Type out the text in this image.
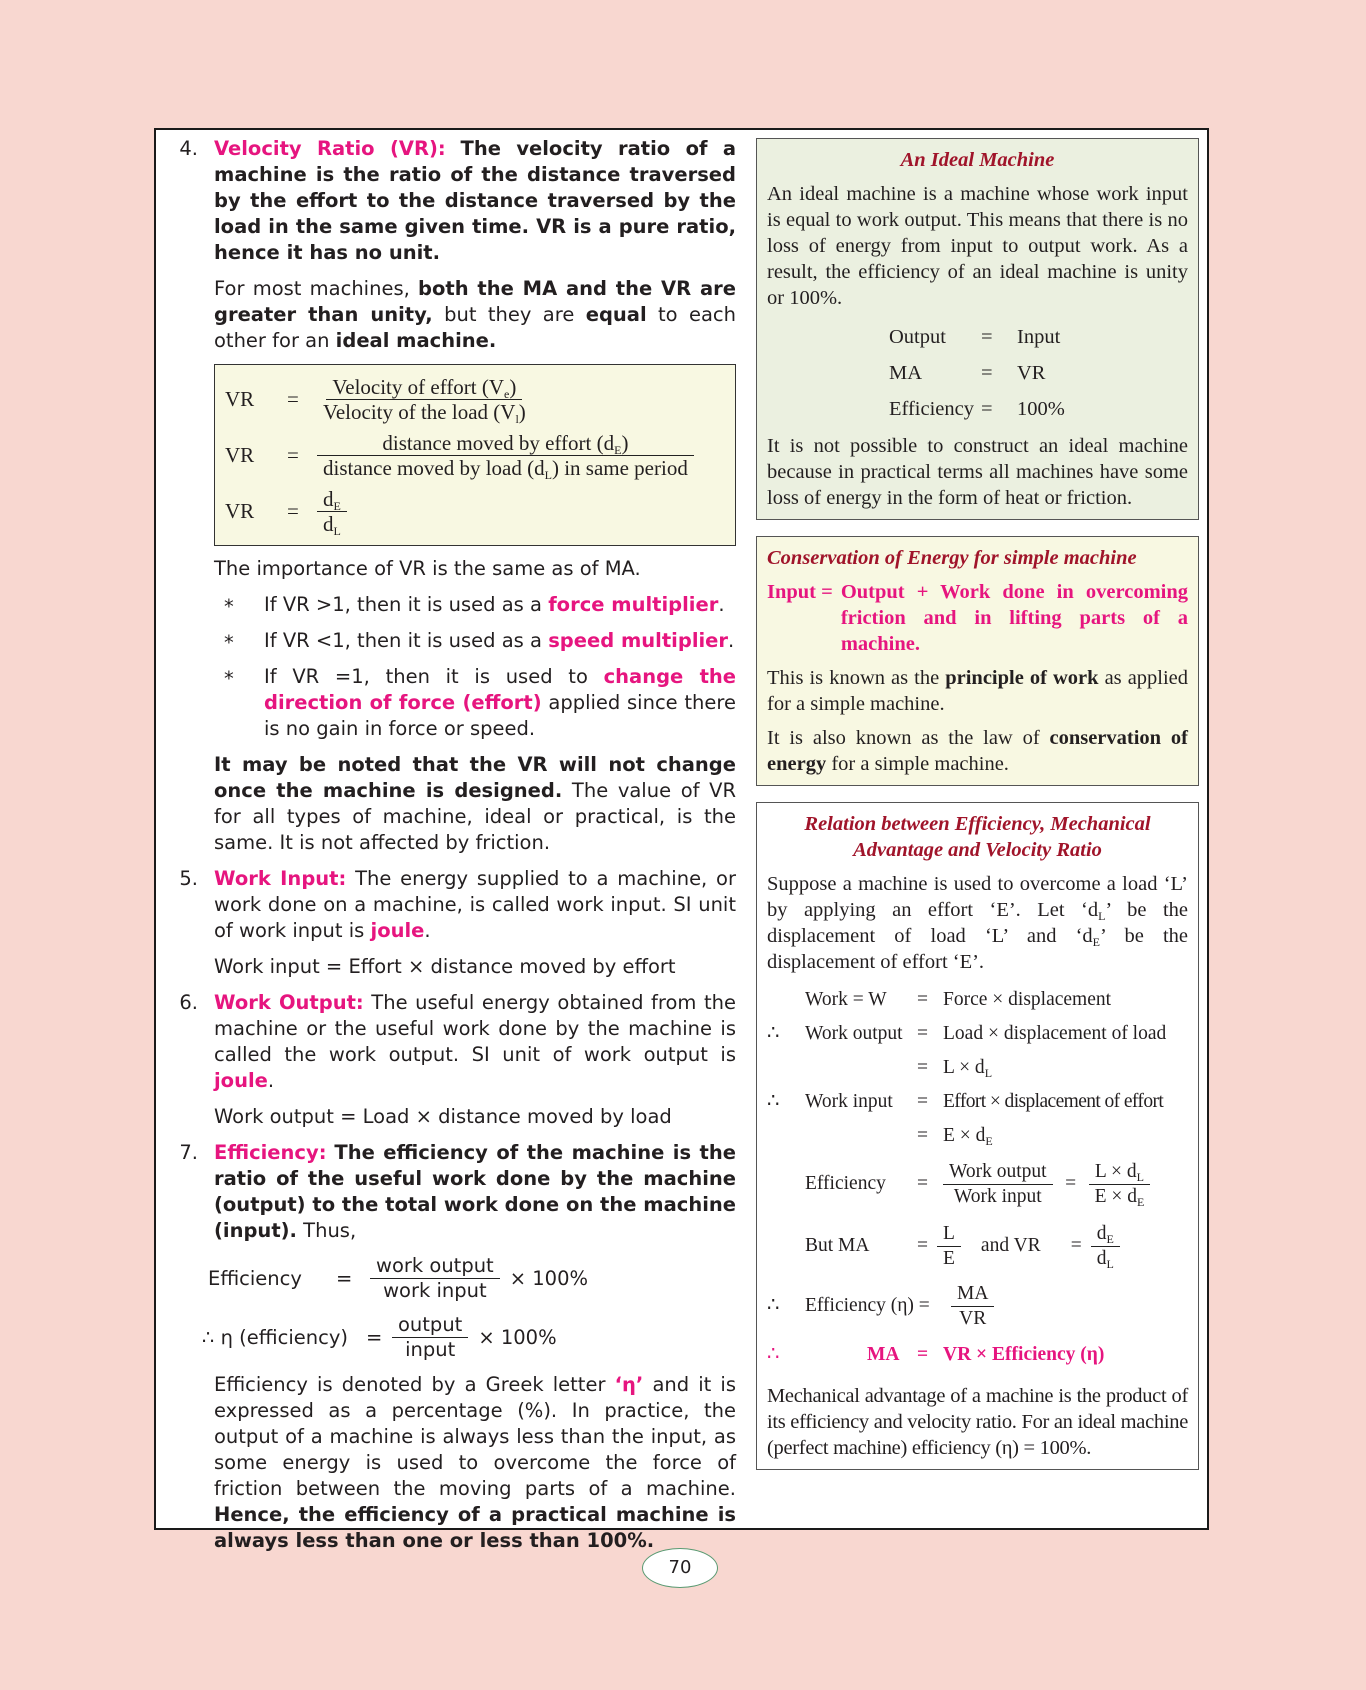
4. Velocity Ratio (VR): The velocity ratio of a machine is the ratio of the distance traversed by the effort to the distance traversed by the load in the same given time. VR is a pure ratio, hence it has no unit.

For most machines, both the MA and the VR are greater than unity, but they are equal to each other for an ideal machine.

VR	= $\frac{Velocity of effort (V_e)}{Velocity of the load (V_l)}$
VR	= $\frac{distance moved by effort (d_E)}{distance moved by load (d_L) in same period}$
VR	= $\frac{d_E}{d_L}$

The importance of VR is the same as of MA.

* If VR >1, then it is used as a force multiplier.
* If VR <1, then it is used as a speed multiplier.
* If VR =1, then it is used to change the direction of force (effort) applied since there is no gain in force or speed.

It may be noted that the VR will not change once the machine is designed. The value of VR for all types of machine, ideal or practical, is the same. It is not affected by friction.

5. Work Input: The energy supplied to a machine, or work done on a machine, is called work input. SI unit of work input is joule.

Work input = Effort × distance moved by effort

6. Work Output: The useful energy obtained from the machine or the useful work done by the machine is called the work output. SI unit of work output is joule.

Work output = Load × distance moved by load

7. Efficiency: The efficiency of the machine is the ratio of the useful work done by the machine (output) to the total work done on the machine (input). Thus,
Efficiency	= $\frac{\text{work output}}{\text{work input}} \times 100\%$
∴ η (efficiency) = $\frac{\text{output}}{\text{input}} \times 100\%$

Efficiency is denoted by a Greek letter ‘η’ and it is expressed as a percentage (%). In practice, the output of a machine is always less than the input, as some energy is used to overcome the force of friction between the moving parts of a machine. Hence, the efficiency of a practical machine is always less than one or less than 100%.

An Ideal Machine

An ideal machine is a machine whose work input is equal to work output. This means that there is no loss of energy from input to output work. As a result, the efficiency of an ideal machine is unity or 100%.

Output	=	Input
MA	=	VR
Efficiency =	100%

It is not possible to construct an ideal machine because in practical terms all machines have some loss of energy in the form of heat or friction.

Conservation of Energy for simple machine
Input = Output + Work done in overcoming friction and in lifting parts of a machine.

This is known as the principle of work as applied for a simple machine.

It is also known as the law of conservation of energy for a simple machine.

Relation between Efficiency, Mechanical Advantage and Velocity Ratio

Suppose a machine is used to overcome a load ‘L’ by applying an effort ‘E’. Let ‘$d_L$’ be the displacement of load ‘L’ and ‘$d_E$’ be the displacement of effort ‘E’.

Work = W	= Force × displacement
∴	Work output = Load × displacement of load
= $L \times d_L$
∴	Work input	= Effort × displacement of effort
= $E \times d_E$
Efficiency	= $\frac{\text{Work output}}{\text{Work input}} = \frac{L \times d_L}{E \times d_E}$
But MA	= $\frac{L}{E}$ and VR = $\frac{d_E}{d_L}$
∴	Efficiency (η) =	$\frac{MA}{VR}$
∴	MA = VR × Efficiency (η)

Mechanical advantage of a machine is the product of its efficiency and velocity ratio. For an ideal machine (perfect machine) efficiency (η) = 100%.

70
